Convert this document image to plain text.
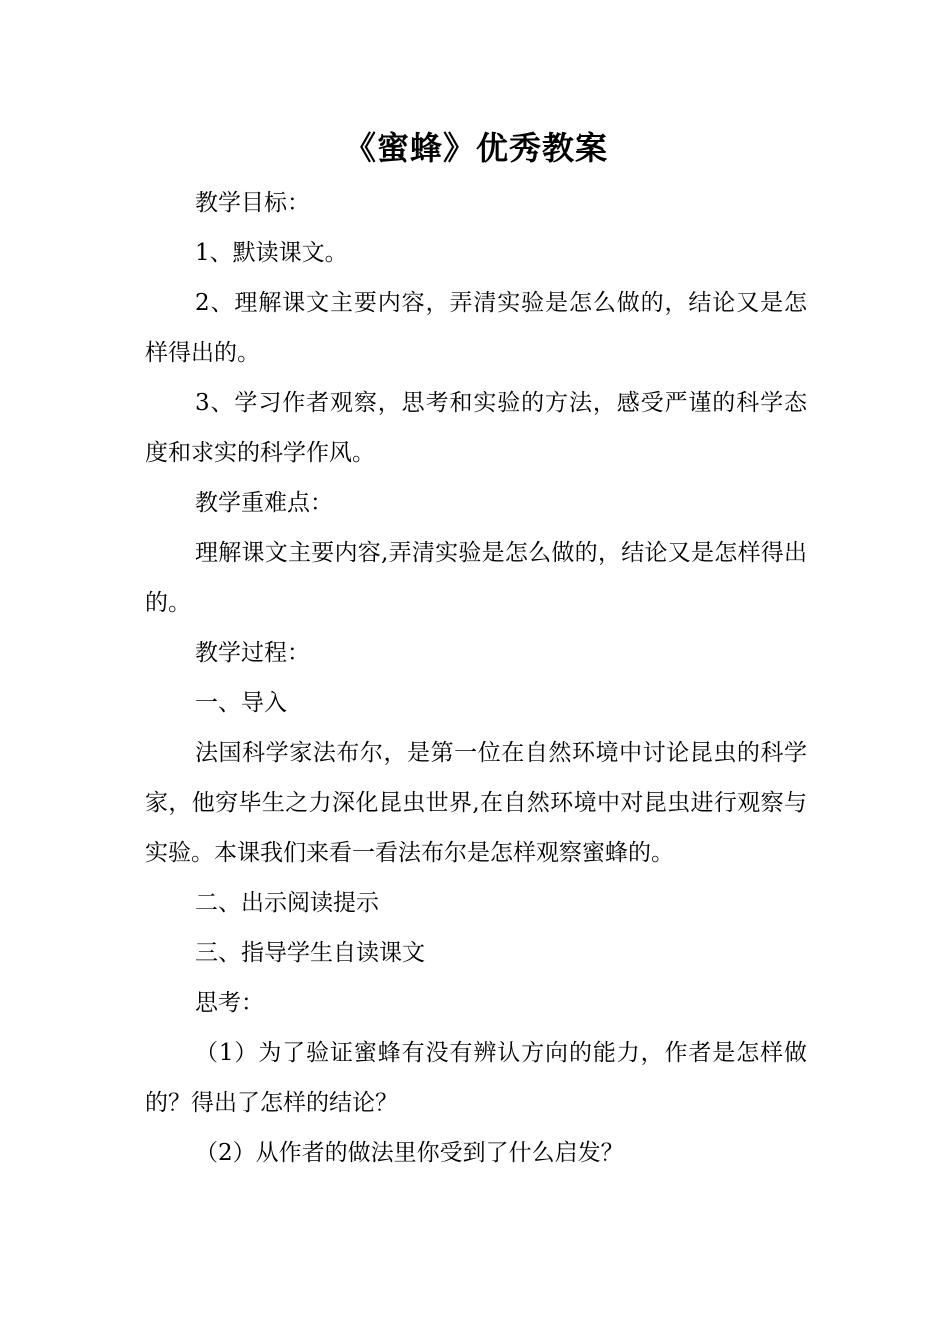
《蜜蜂》优秀教案

教学目标：

1、默读课文。

2、理解课文主要内容，弄清实验是怎么做的，结论又是怎样得出的。

3、学习作者观察，思考和实验的方法，感受严谨的科学态度和求实的科学作风。

教学重难点：

理解课文主要内容,弄清实验是怎么做的，结论又是怎样得出的。

教学过程：

一、导入

法国科学家法布尔，是第一位在自然环境中讨论昆虫的科学家，他穷毕生之力深化昆虫世界,在自然环境中对昆虫进行观察与实验。本课我们来看一看法布尔是怎样观察蜜蜂的。

二、出示阅读提示

三、指导学生自读课文

思考：

（1）为了验证蜜蜂有没有辨认方向的能力，作者是怎样做的？得出了怎样的结论？

（2）从作者的做法里你受到了什么启发？
